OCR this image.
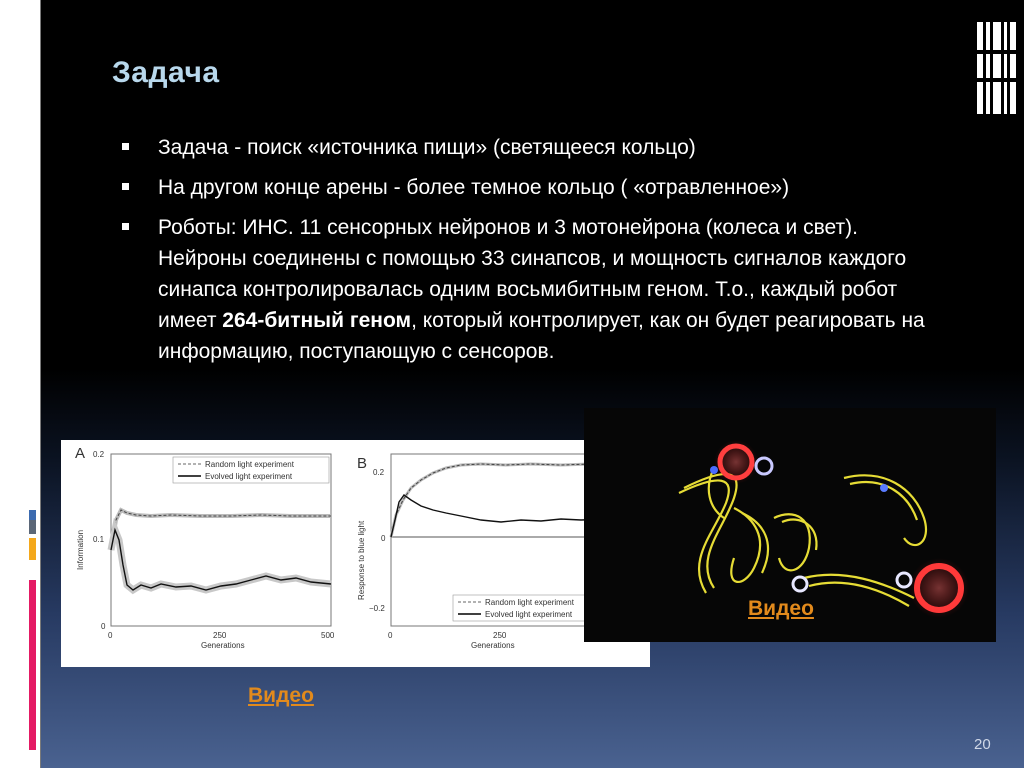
Задача
Задача - поиск «источника пищи» (светящееся кольцо)
На другом конце арены - более темное кольцо ( «отравленное»)
Роботы: ИНС. 11 сенсорных нейронов и 3 мотонейрона (колеса и свет). Нейроны соединены с помощью 33 синапсов, и мощность сигналов каждого синапса контролировалась одним восьмибитным геном. Т.о., каждый робот имеет 264-битный геном, который контролирует, как он будет реагировать на информацию, поступающую с сенсоров.
A 0.2
0.1
0
0	250	500
Generations
Information
Random light experiment
Evolved light experiment
B
0.2
0
−0.2
0	250
Generations
Response to blue light
Random light experiment
Evolved light experiment	Видео
Видео
20
